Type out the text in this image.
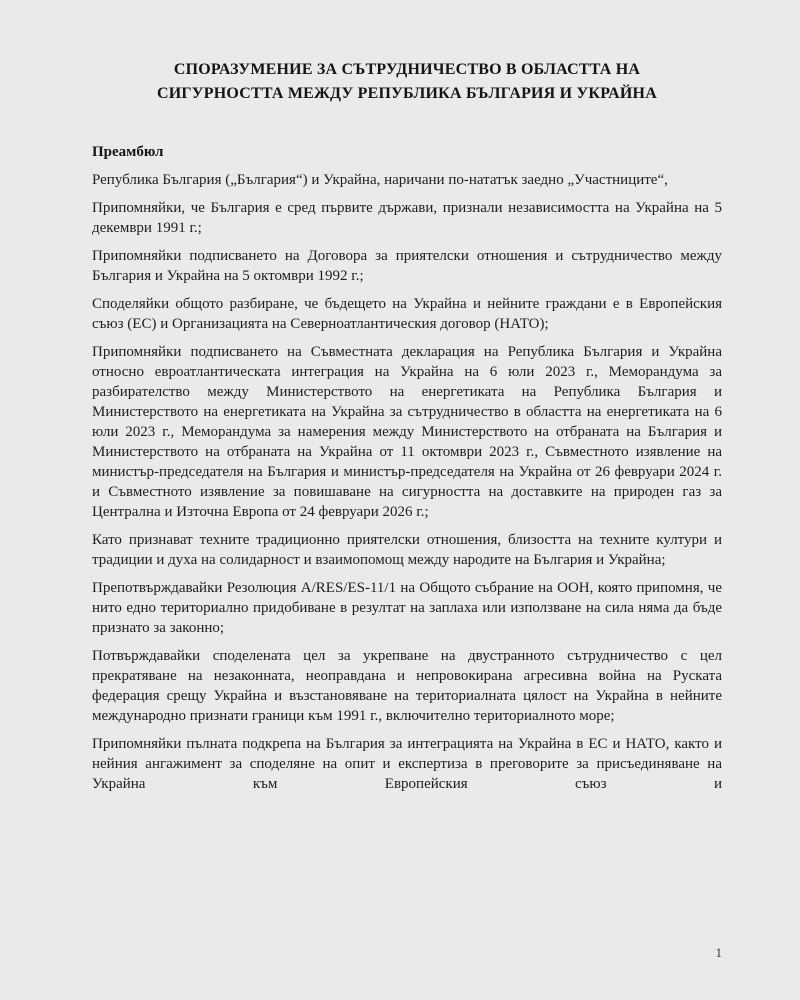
СПОРАЗУМЕНИЕ ЗА СЪТРУДНИЧЕСТВО В ОБЛАСТТА НА
СИГУРНОСТТА МЕЖДУ РЕПУБЛИКА БЪЛГАРИЯ И УКРАЙНА
Преамбюл

Република България („България“) и Украйна, наричани по-нататък заедно „Участниците“,

Припомняйки, че България е сред първите държави, признали независимостта на Украйна на 5 декември 1991 г.;

Припомняйки подписването на Договора за приятелски отношения и сътрудничество между България и Украйна на 5 октомври 1992 г.;

Споделяйки общото разбиране, че бъдещето на Украйна и нейните граждани е в Европейския съюз (ЕС) и Организацията на Северноатлантическия договор (НАТО);

Припомняйки подписването на Съвместната декларация на Република България и Украйна относно евроатлантическата интеграция на Украйна на 6 юли 2023 г., Меморандума за разбирателство между Министерството на енергетиката на Република България и Министерството на енергетиката на Украйна за сътрудничество в областта на енергетиката на 6 юли 2023 г., Меморандума за намерения между Министерството на отбраната на България и Министерството на отбраната на Украйна от 11 октомври 2023 г., Съвместното изявление на министър-председателя на България и министър-председателя на Украйна от 26 февруари 2024 г. и Съвместното изявление за повишаване на сигурността на доставките на природен газ за Централна и Източна Европа от 24 февруари 2026 г.;

Като признават техните традиционно приятелски отношения, близостта на техните култури и традиции и духа на солидарност и взаимопомощ между народите на България и Украйна;

Препотвърждавайки Резолюция A/RES/ES-11/1 на Общото събрание на ООН, която припомня, че нито едно териториално придобиване в резултат на заплаха или използване на сила няма да бъде признато за законно;

Потвърждавайки споделената цел за укрепване на двустранното сътрудничество с цел прекратяване на незаконната, неоправдана и непровокирана агресивна война на Руската федерация срещу Украйна и възстановяване на териториалната цялост на Украйна в нейните международно признати граници към 1991 г., включително териториалното море;

Припомняйки пълната подкрепа на България за интеграцията на Украйна в ЕС и НАТО, както и нейния ангажимент за споделяне на опит и експертиза в преговорите за присъединяване на Украйна към Европейския съюз и

1
